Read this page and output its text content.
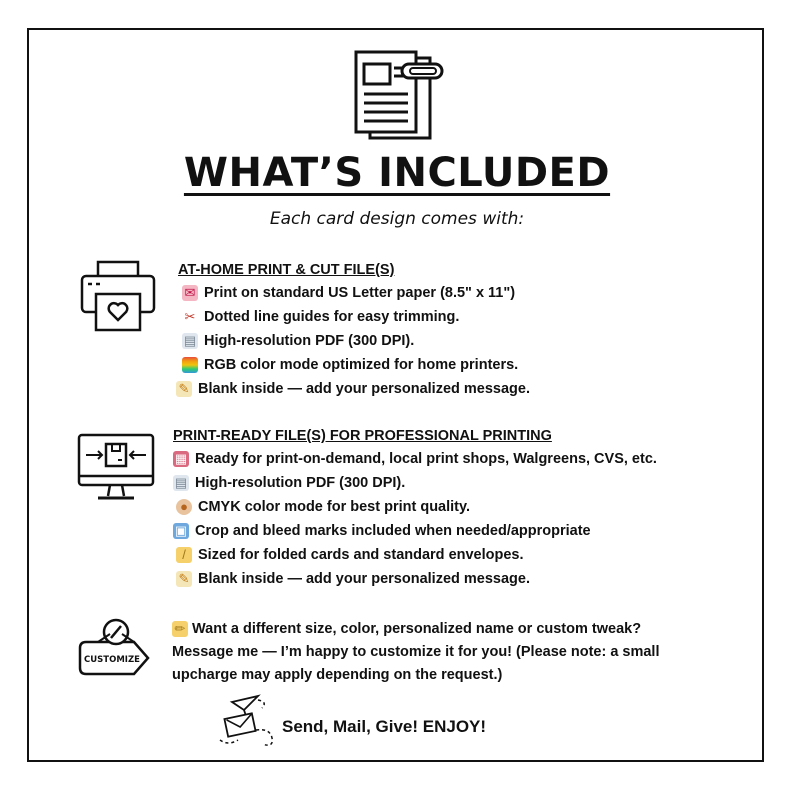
WHAT’S INCLUDED
Each card design comes with:
AT-HOME PRINT & CUT FILE(S)
✉ Print on standard US Letter paper (8.5" x 11")
✂ Dotted line guides for easy trimming.
▤ High-resolution PDF (300 DPI).
RGB color mode optimized for home printers.
✎ Blank inside — add your personalized message.
PRINT-READY FILE(S) FOR PROFESSIONAL PRINTING
▦ Ready for print-on-demand, local print shops, Walgreens, CVS, etc.
▤ High-resolution PDF (300 DPI).
● CMYK color mode for best print quality.
▣ Crop and bleed marks included when needed/appropriate
/ Sized for folded cards and standard envelopes.
✎ Blank inside — add your personalized message.
CUSTOMIZE
✏ Want a different size, color, personalized name or custom tweak? Message me — I’m happy to customize it for you! (Please note: a small upcharge may apply depending on the request.)
Send, Mail, Give! ENJOY!
